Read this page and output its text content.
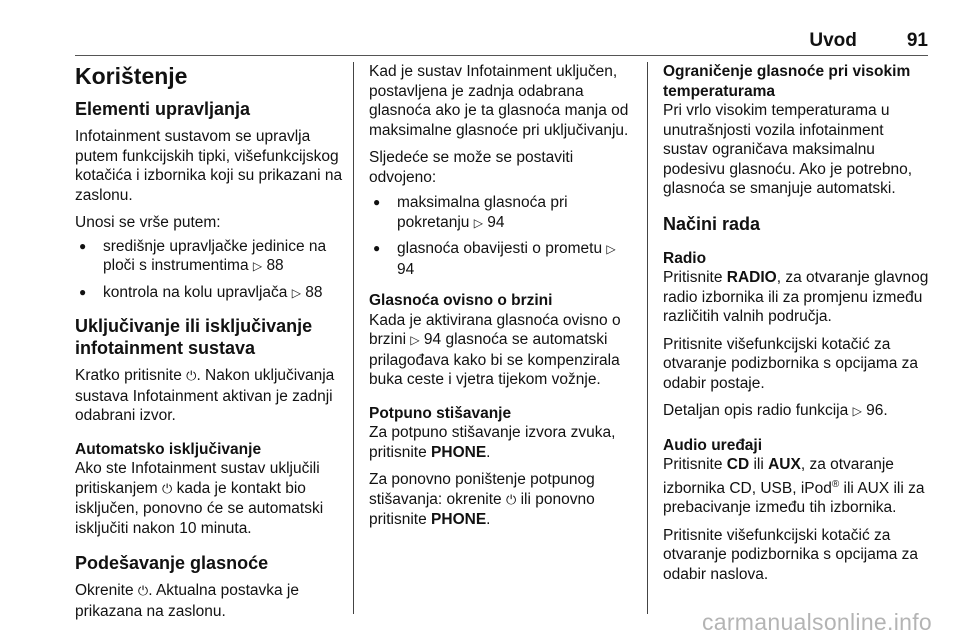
Uvod	91
Korištenje
Elementi upravljanja

Infotainment sustavom se upravlja putem funkcijskih tipki, višefunkcijskog kotačića i izbornika koji su prikazani na zaslonu.

Unosi se vrše putem:

● središnje upravljačke jedinice na ploči s instrumentima ▷ 88
● kontrola na kolu upravljača ▷ 88
Uključivanje ili isključivanje infotainment sustava

Kratko pritisnite ⏻. Nakon uključivanja sustava Infotainment aktivan je zadnji odabrani izvor.

Automatsko isključivanje

Ako ste Infotainment sustav uključili pritiskanjem ⏻ kada je kontakt bio isključen, ponovno će se automatski isključiti nakon 10 minuta.

Podešavanje glasnoće

Okrenite ⏻. Aktualna postavka je prikazana na zaslonu.

Kad je sustav Infotainment uključen, postavljena je zadnja odabrana glasnoća ako je ta glasnoća manja od maksimalne glasnoće pri uključivanju.

Sljedeće se može se postaviti odvojeno:

● maksimalna glasnoća pri pokretanju ▷ 94
● glasnoća obavijesti o prometu ▷ 94
Glasnoća ovisno o brzini

Kada je aktivirana glasnoća ovisno o brzini ▷ 94 glasnoća se automatski prilagođava kako bi se kompenzirala buka ceste i vjetra tijekom vožnje.

Potpuno stišavanje

Za potpuno stišavanje izvora zvuka, pritisnite PHONE.

Za ponovno poništenje potpunog stišavanja: okrenite ⏻ ili ponovno pritisnite PHONE.

Ograničenje glasnoće pri visokim temperaturama

Pri vrlo visokim temperaturama u unutrašnjosti vozila infotainment sustav ograničava maksimalnu podesivu glasnoću. Ako je potrebno, glasnoća se smanjuje automatski.

Načini rada
Radio

Pritisnite RADIO, za otvaranje glavnog radio izbornika ili za promjenu između različitih valnih područja.

Pritisnite višefunkcijski kotačić za otvaranje podizbornika s opcijama za odabir postaje.

Detaljan opis radio funkcija ▷ 96.

Audio uređaji

Pritisnite CD ili AUX, za otvaranje izbornika CD, USB, iPod® ili AUX ili za prebacivanje između tih izbornika.

Pritisnite višefunkcijski kotačić za otvaranje podizbornika s opcijama za odabir naslova.

carmanualsonline.info
